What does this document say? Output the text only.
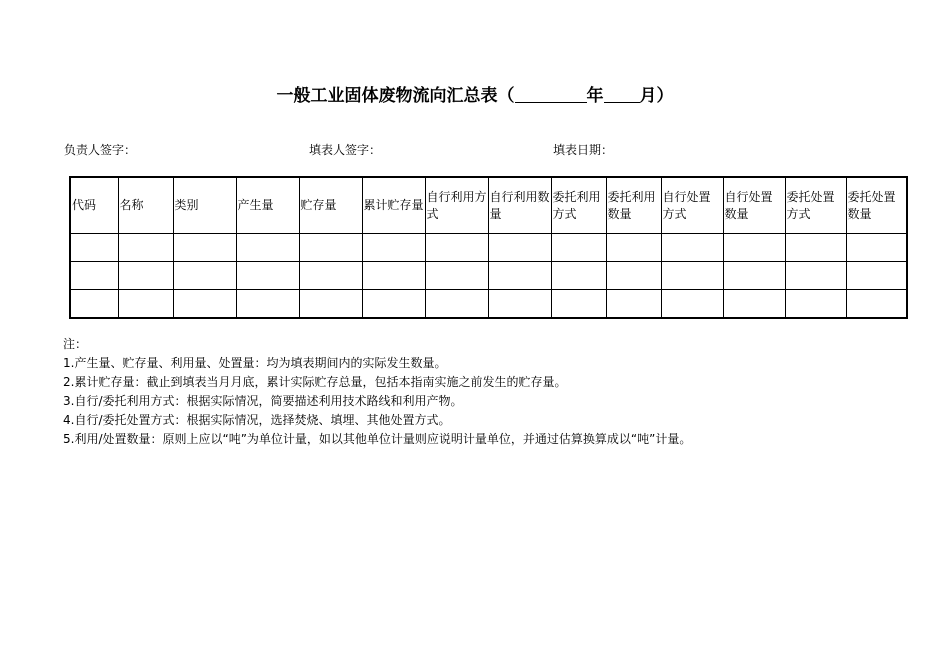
一般工业固体废物流向汇总表（	年 月）
负责人签字：	填表人签字：	填表日期：
代码	名称	类别	产生量	贮存量	累计贮存量	自行利用方式	自行利用数量	委托利用方式	委托利用数量	自行处置方式	自行处置数量	委托处置方式	委托处置数量

注：
1.产生量、贮存量、利用量、处置量：均为填表期间内的实际发生数量。
2.累计贮存量：截止到填表当月月底，累计实际贮存总量，包括本指南实施之前发生的贮存量。
3.自行/委托利用方式：根据实际情况，简要描述利用技术路线和利用产物。
4.自行/委托处置方式：根据实际情况，选择焚烧、填埋、其他处置方式。
5.利用/处置数量：原则上应以“吨”为单位计量，如以其他单位计量则应说明计量单位，并通过估算换算成以“吨”计量。
